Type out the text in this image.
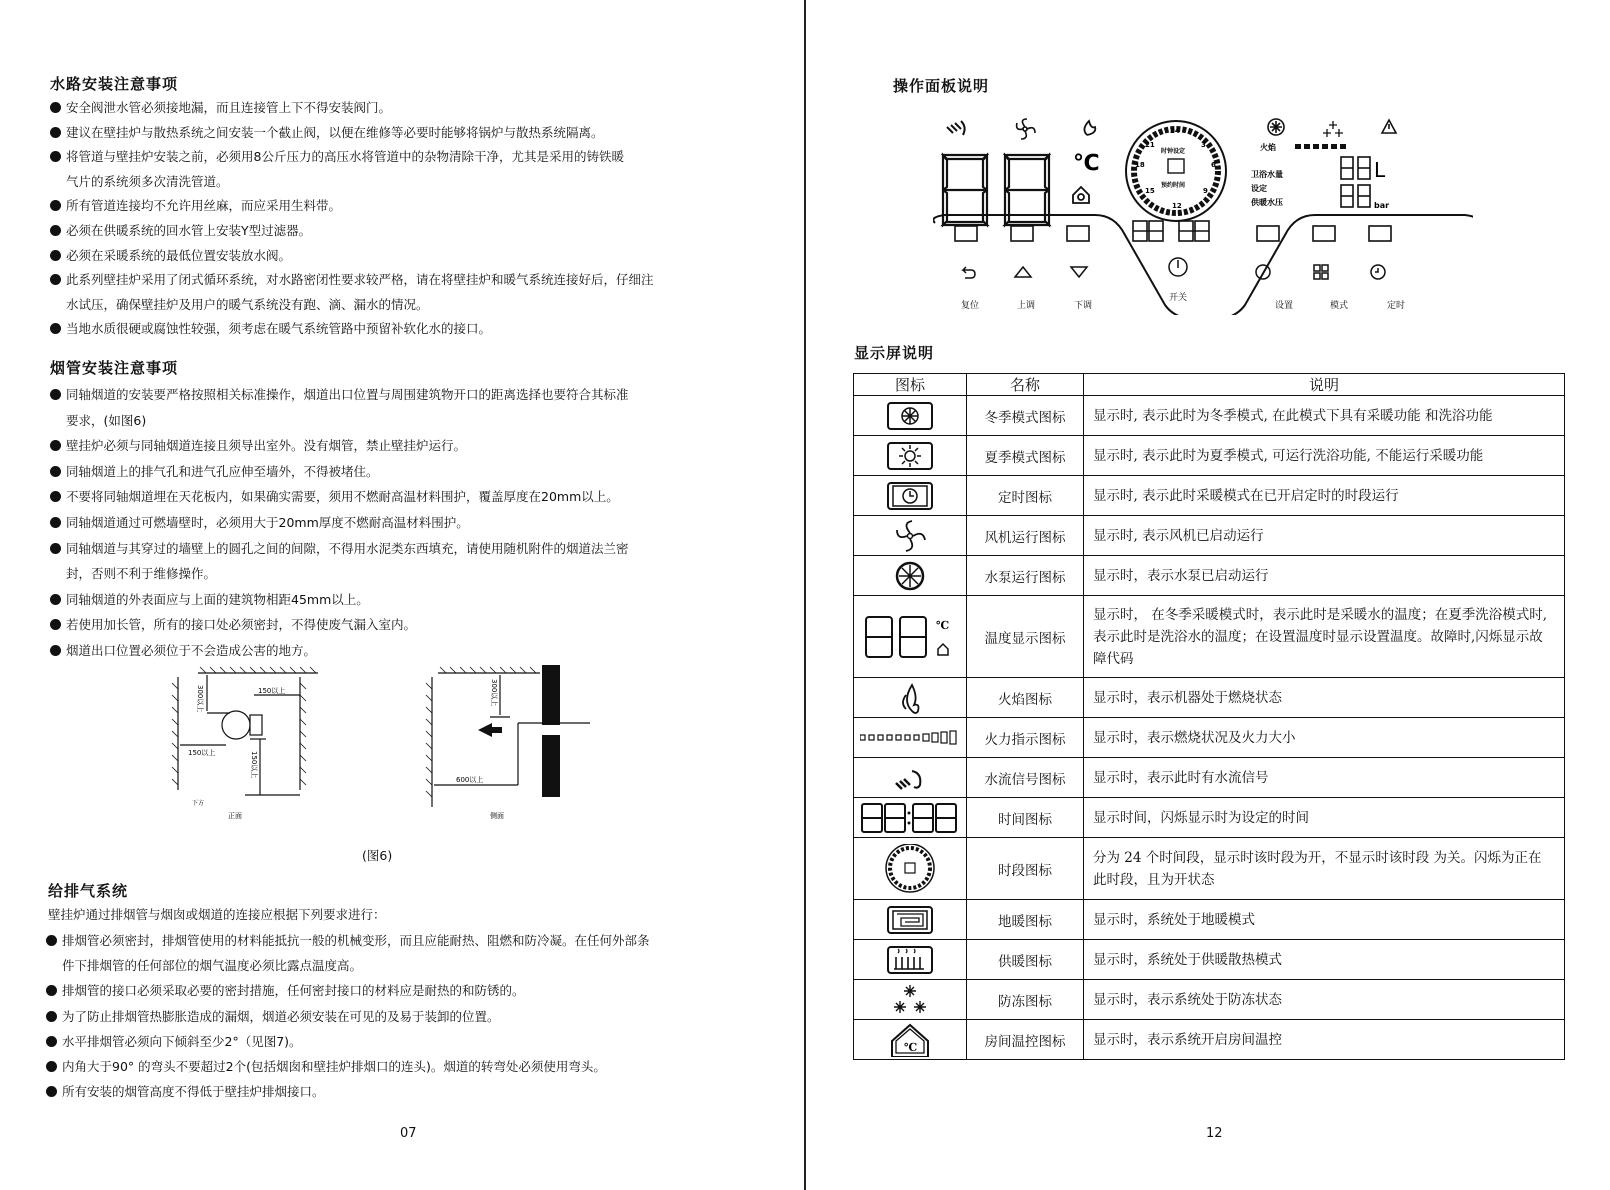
水路安装注意事项
安全阀泄水管必须接地漏，而且连接管上下不得安装阀门。
建议在壁挂炉与散热系统之间安装一个截止阀，以便在维修等必要时能够将锅炉与散热系统隔离。
将管道与壁挂炉安装之前，必须用8公斤压力的高压水将管道中的杂物清除干净，尤其是采用的铸铁暖
气片的系统须多次清洗管道。
所有管道连接均不允许用丝麻，而应采用生料带。
必须在供暖系统的回水管上安装Y型过滤器。
必须在采暖系统的最低位置安装放水阀。
此系列壁挂炉采用了闭式循环系统，对水路密闭性要求较严格，请在将壁挂炉和暖气系统连接好后，仔细注
水试压，确保壁挂炉及用户的暖气系统没有跑、滴、漏水的情况。
当地水质很硬或腐蚀性较强，须考虑在暖气系统管路中预留补软化水的接口。
烟管安装注意事项
同轴烟道的安装要严格按照相关标准操作，烟道出口位置与周围建筑物开口的距离选择也要符合其标准
要求，(如图6)
壁挂炉必须与同轴烟道连接且须导出室外。没有烟管，禁止壁挂炉运行。
同轴烟道上的排气孔和进气孔应伸至墙外，不得被堵住。
不要将同轴烟道埋在天花板内，如果确实需要，须用不燃耐高温材料围护，覆盖厚度在20mm以上。
同轴烟道通过可燃墙壁时，必须用大于20mm厚度不燃耐高温材料围护。
同轴烟道与其穿过的墙壁上的圆孔之间的间隙，不得用水泥类东西填充，请使用随机附件的烟道法兰密
封，否则不利于维修操作。
同轴烟道的外表面应与上面的建筑物相距45mm以上。
若使用加长管，所有的接口处必须密封，不得使废气漏入室内。
烟道出口位置必须位于不会造成公害的地方。
300以上	150以上
150以上	150以上
下方
正面
300以上
600以上
侧面
(图6)
给排气系统
壁挂炉通过排烟管与烟囱或烟道的连接应根据下列要求进行：
排烟管必须密封，排烟管使用的材料能抵抗一般的机械变形，而且应能耐热、阻燃和防冷凝。在任何外部条
件下排烟管的任何部位的烟气温度必须比露点温度高。
排烟管的接口必须采取必要的密封措施，任何密封接口的材料应是耐热的和防锈的。
为了防止排烟管热膨胀造成的漏烟，烟道必须安装在可见的及易于装卸的位置。
水平排烟管必须向下倾斜至少2°（见图7)。
内角大于90° 的弯头不要超过2个(包括烟囱和壁挂炉排烟口的连头)。烟道的转弯处必须使用弯头。
所有安装的烟管高度不得低于壁挂炉排烟接口。
07
操作面板说明
℃
24
21	3
18	6
15	9
12
时钟设定
预约时间
火焰
L
bar
卫浴水量
设定
供暖水压
显示屏说明
图标	名称	说明
	冬季模式图标	显示时, 表示此时为冬季模式, 在此模式下具有采暖功能 和洗浴功能
	夏季模式图标	显示时, 表示此时为夏季模式, 可运行洗浴功能, 不能运行采暖功能
	定时图标	显示时, 表示此时采暖模式在已开启定时的时段运行
	风机运行图标	显示时, 表示风机已启动运行
	水泵运行图标	显示时，表示水泵已启动运行

℃	温度显示图标	显示时， 在冬季采暖模式时，表示此时是采暖水的温度；在夏季洗浴模式时,表示此时是洗浴水的温度；在设置温度时显示设置温度。故障时,闪烁显示故障代码
	火焰图标	显示时，表示机器处于燃烧状态
	火力指示图标	显示时，表示燃烧状况及火力大小
	水流信号图标	显示时，表示此时有水流信号
	时间图标	显示时间，闪烁显示时为设定的时间
	时段图标	分为 24 个时间段，显示时该时段为开，不显示时该时段 为关。闪烁为正在此时段，且为开状态
	地暖图标	显示时，系统处于地暖模式
	供暖图标	显示时，系统处于供暖散热模式
	防冻图标	显示时，表示系统处于防冻状态

℃	房间温控图标	显示时，表示系统开启房间温控
12
复位	上调	下调
开关
设置	模式	定时
